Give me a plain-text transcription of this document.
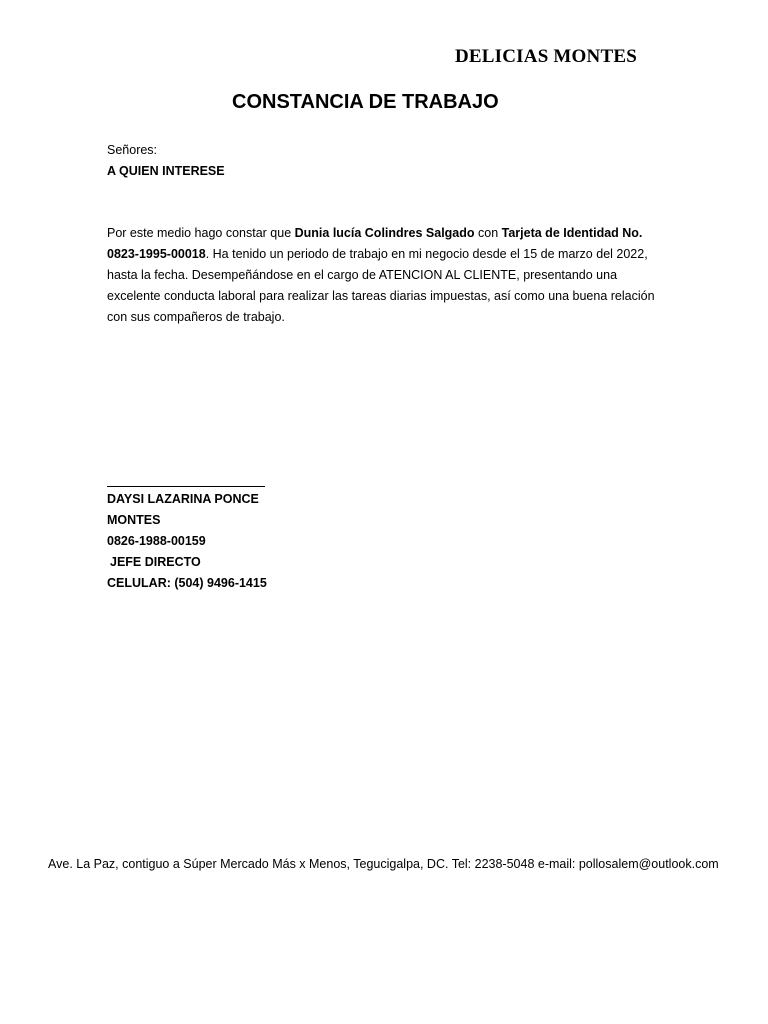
DELICIAS MONTES
CONSTANCIA DE TRABAJO
Señores:
A QUIEN INTERESE
Por este medio hago constar que Dunia lucía Colindres Salgado con Tarjeta de Identidad No. 0823-1995-00018. Ha tenido un periodo de trabajo en mi negocio desde el 15 de marzo del 2022, hasta la fecha. Desempeñándose en el cargo de ATENCION AL CLIENTE, presentando una excelente conducta laboral para realizar las tareas diarias impuestas, así como una buena relación con sus compañeros de trabajo.
DAYSI LAZARINA PONCE
MONTES
0826-1988-00159
JEFE DIRECTO
CELULAR: (504) 9496-1415
Ave. La Paz, contiguo a Súper Mercado Más x Menos, Tegucigalpa, DC. Tel: 2238-5048 e-mail: pollosalem@outlook.com
